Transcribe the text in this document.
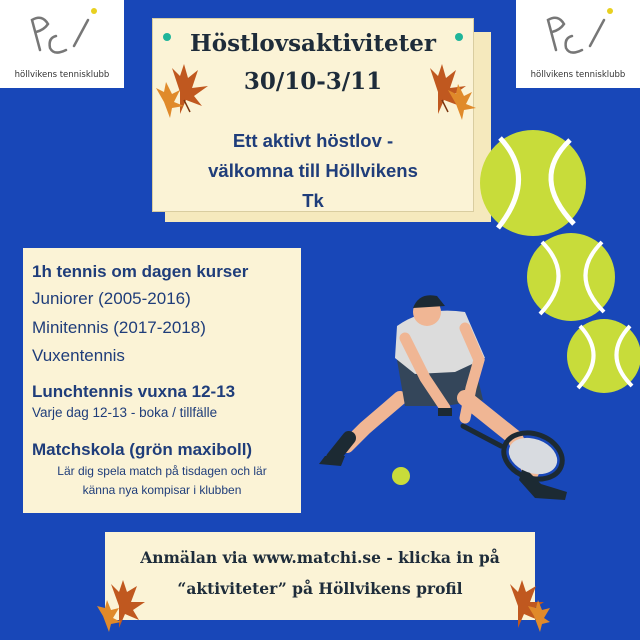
höllvikens tennisklubb	höllvikens tennisklubb
Höstlovsaktiviteter
30/10-3/11
Ett aktivt höstlov -
välkomna till Höllvikens
Tk
1h tennis om dagen kurser
Juniorer (2005-2016)
Minitennis (2017-2018)
Vuxentennis
Lunchtennis vuxna 12-13
Varje dag 12-13 - boka / tillfälle
Matchskola (grön maxiboll)
Lär dig spela match på tisdagen och lär
känna nya kompisar i klubben
Anmälan via www.matchi.se - klicka in på
“aktiviteter” på Höllvikens profil
